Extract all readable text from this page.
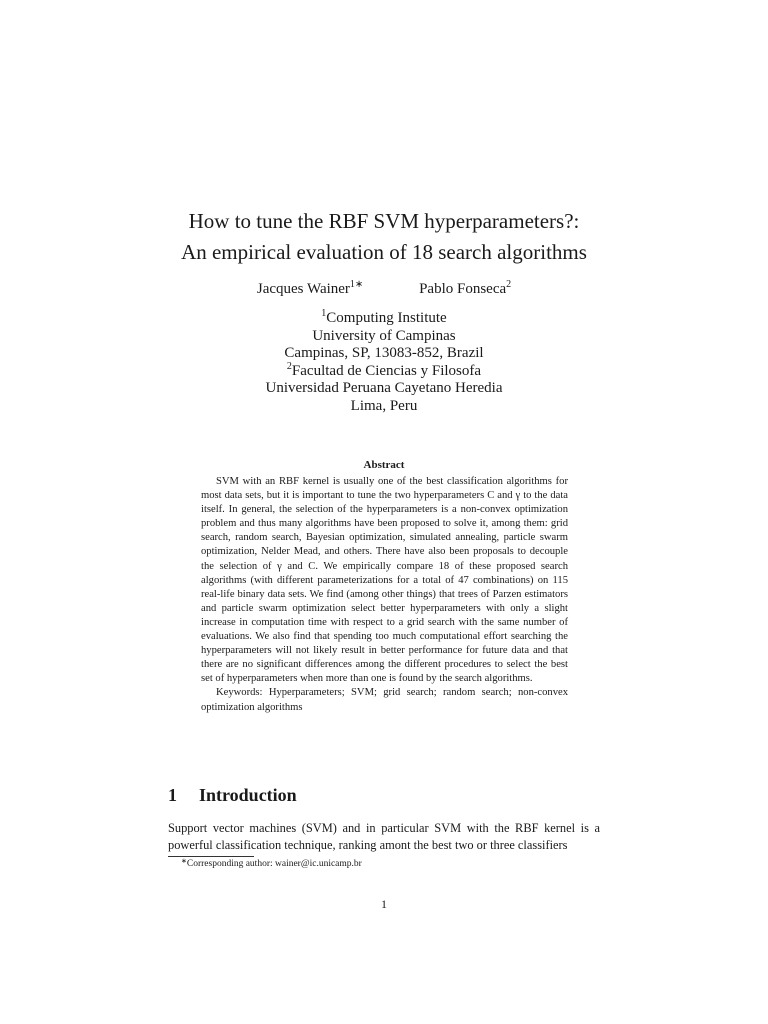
How to tune the RBF SVM hyperparameters?:
An empirical evaluation of 18 search algorithms
Jacques Wainer$^{1∗}$	Pablo Fonseca$^2$
$^1$Computing Institute
University of Campinas
Campinas, SP, 13083-852, Brazil
$^2$Facultad de Ciencias y Filosofa
Universidad Peruana Cayetano Heredia
Lima, Peru
Abstract

SVM with an RBF kernel is usually one of the best classification algorithms for most data sets, but it is important to tune the two hyperparameters C and γ to the data itself. In general, the selection of the hyperparameters is a non-convex optimization problem and thus many algorithms have been proposed to solve it, among them: grid search, random search, Bayesian optimization, simulated annealing, particle swarm optimization, Nelder Mead, and others. There have also been proposals to decouple the selection of γ and C. We empirically compare 18 of these proposed search algorithms (with different parameterizations for a total of 47 combinations) on 115 real-life binary data sets. We find (among other things) that trees of Parzen estimators and particle swarm optimization select better hyperparameters with only a slight increase in computation time with respect to a grid search with the same number of evaluations. We also find that spending too much computational effort searching the hyperparameters will not likely result in better performance for future data and that there are no significant differences among the different procedures to select the best set of hyperparameters when more than one is found by the search algorithms.

Keywords: Hyperparameters; SVM; grid search; random search; non-convex optimization algorithms

1 Introduction

Support vector machines (SVM) and in particular SVM with the RBF kernel is a powerful classification technique, ranking amont the best two or three classifiers

∗Corresponding author: wainer@ic.unicamp.br
1
